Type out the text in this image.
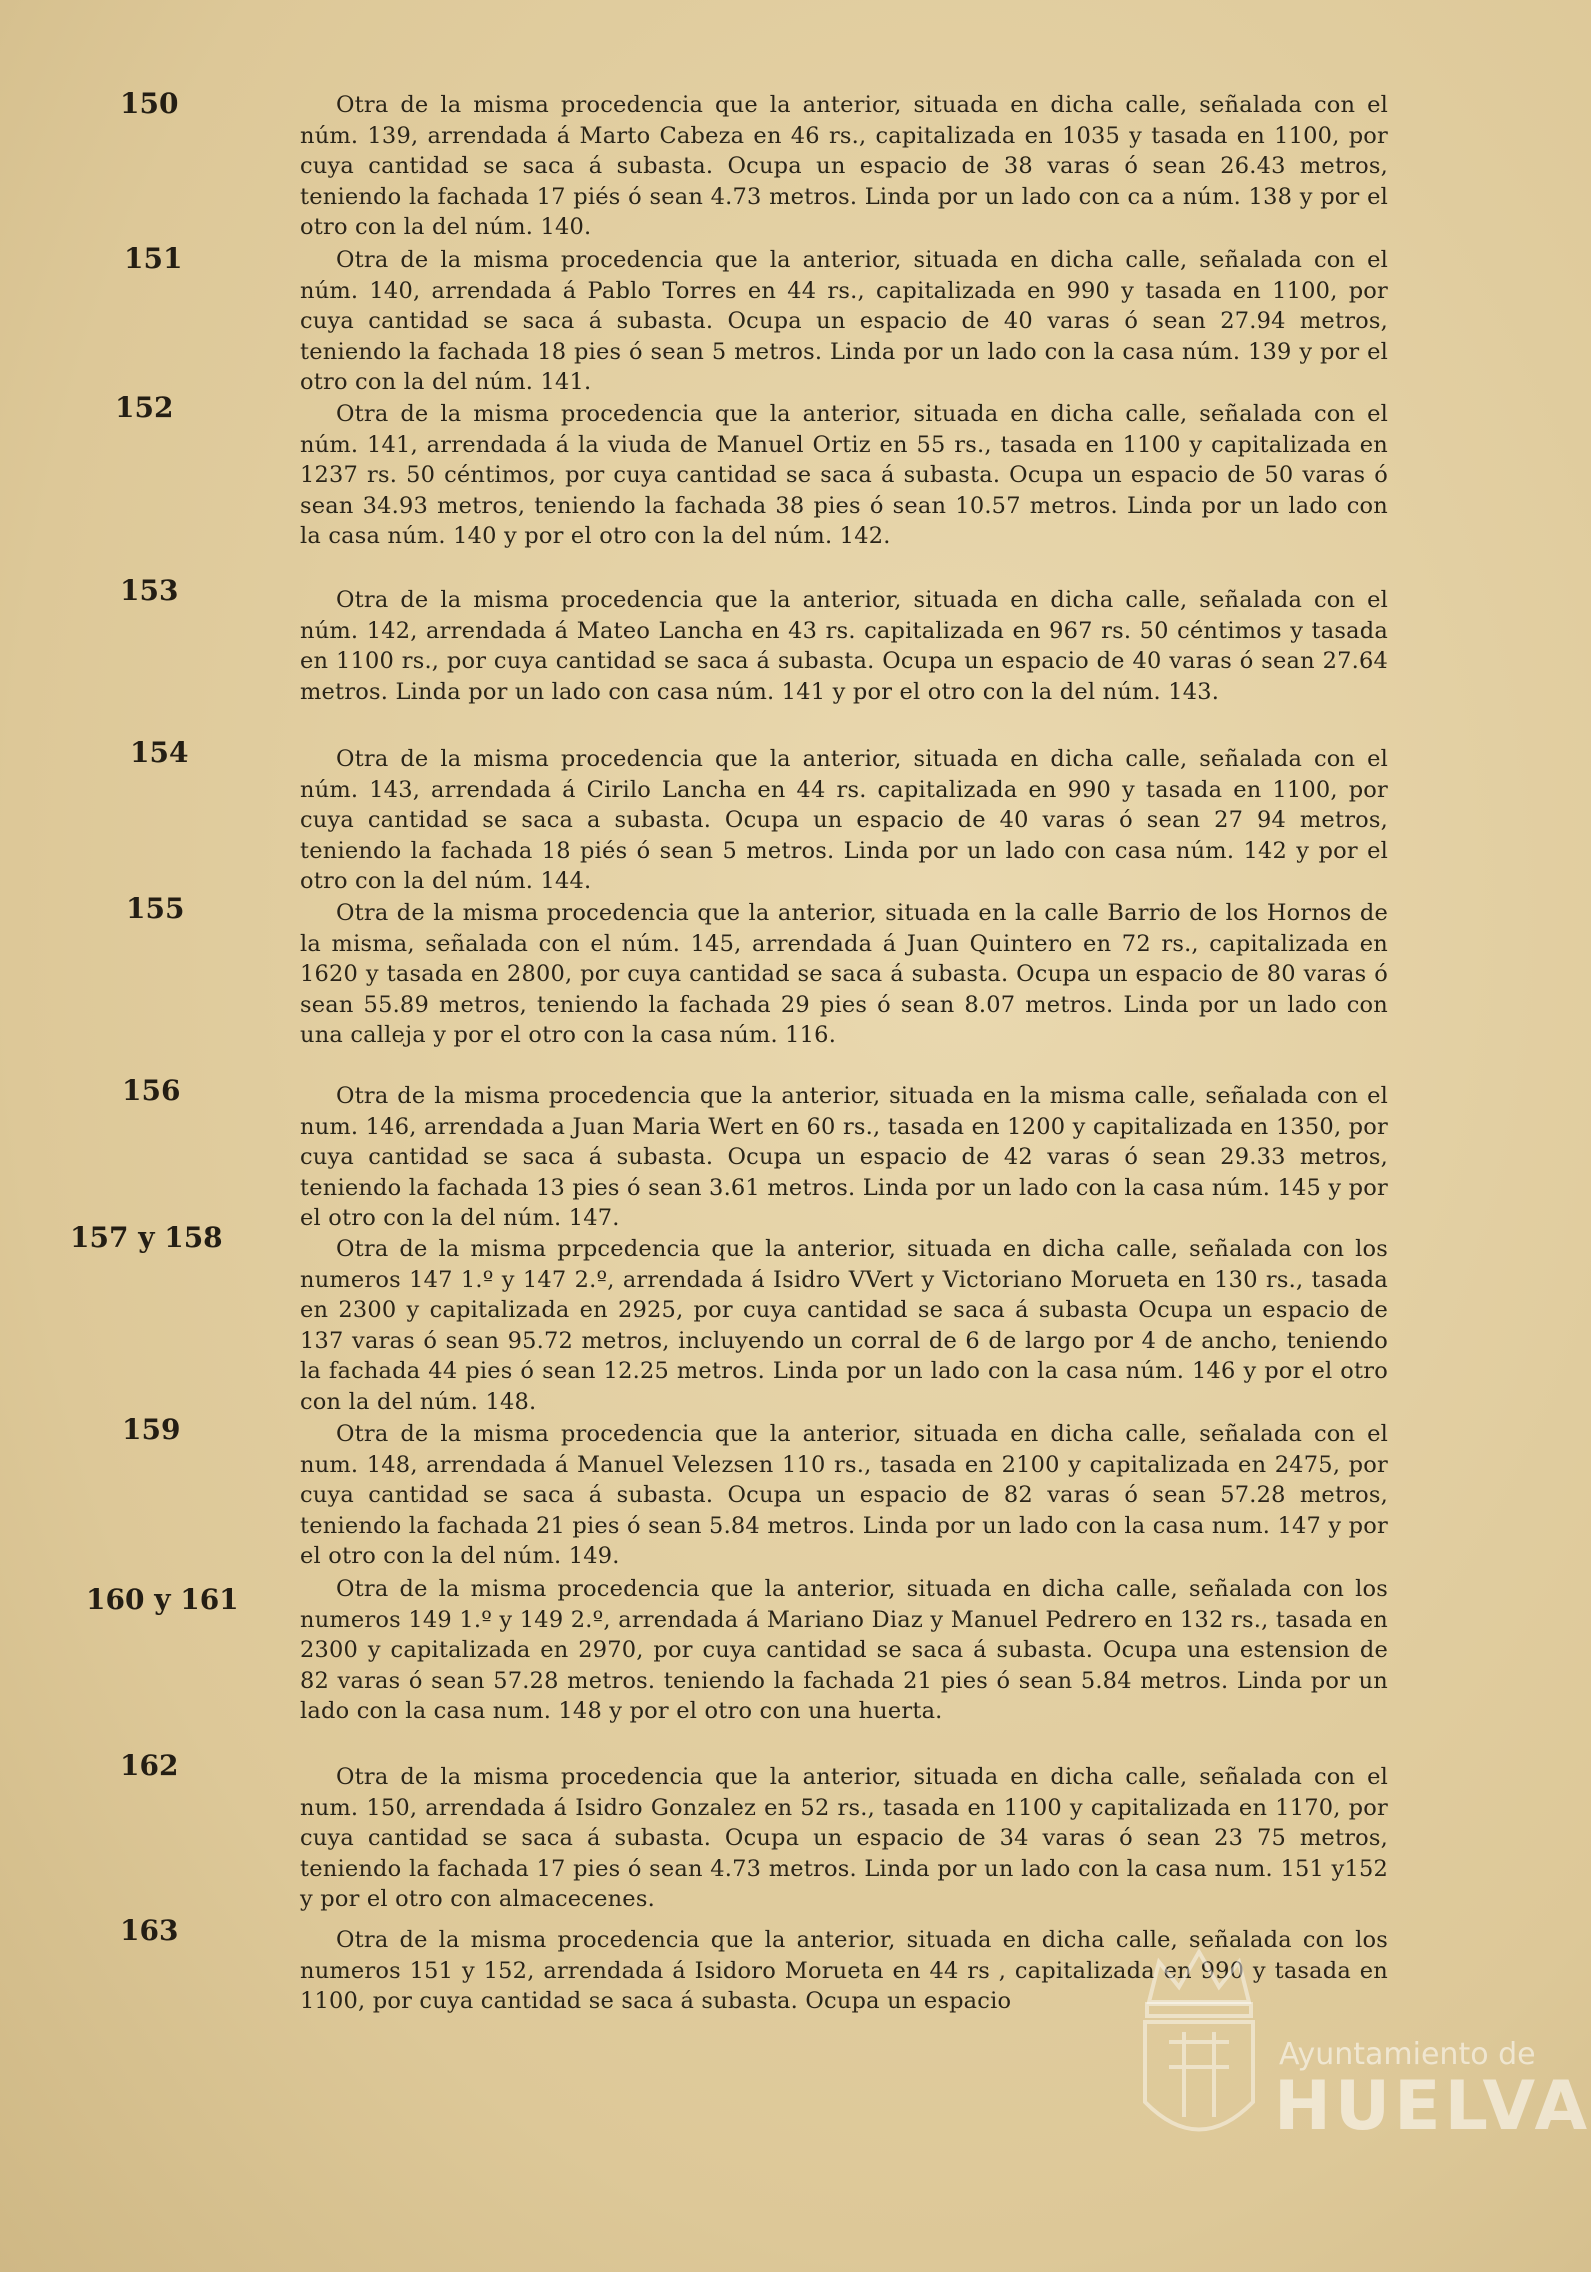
150	Otra de la misma procedencia que la anterior, situada en dicha calle, señalada con el núm. 139, arrendada á Marto Cabeza en 46 rs., capitalizada en 1035 y tasada en 1100, por cuya cantidad se saca á subasta. Ocupa un espacio de 38 varas ó sean 26.43 metros, teniendo la fachada 17 piés ó sean 4.73 metros. Linda por un lado con ca a núm. 138 y por el otro con la del núm. 140.
151	Otra de la misma procedencia que la anterior, situada en dicha calle, señalada con el núm. 140, arrendada á Pablo Torres en 44 rs., capitalizada en 990 y tasada en 1100, por cuya cantidad se saca á subasta. Ocupa un espacio de 40 varas ó sean 27.94 metros, teniendo la fachada 18 pies ó sean 5 metros. Linda por un lado con la casa núm. 139 y por el otro con la del núm. 141.
152	Otra de la misma procedencia que la anterior, situada en dicha calle, señalada con el núm. 141, arrendada á la viuda de Manuel Ortiz en 55 rs., tasada en 1100 y capitalizada en 1237 rs. 50 céntimos, por cuya cantidad se saca á subasta. Ocupa un espacio de 50 varas ó sean 34.93 metros, teniendo la fachada 38 pies ó sean 10.57 metros. Linda por un lado con la casa núm. 140 y por el otro con la del núm. 142.
153	Otra de la misma procedencia que la anterior, situada en dicha calle, señalada con el núm. 142, arrendada á Mateo Lancha en 43 rs. capitalizada en 967 rs. 50 céntimos y tasada en 1100 rs., por cuya cantidad se saca á subasta. Ocupa un espacio de 40 varas ó sean 27.64 metros. Linda por un lado con casa núm. 141 y por el otro con la del núm. 143.
154	Otra de la misma procedencia que la anterior, situada en dicha calle, señalada con el núm. 143, arrendada á Cirilo Lancha en 44 rs. capitalizada en 990 y tasada en 1100, por cuya cantidad se saca a subasta. Ocupa un espacio de 40 varas ó sean 27 94 metros, teniendo la fachada 18 piés ó sean 5 metros. Linda por un lado con casa núm. 142 y por el otro con la del núm. 144.
155	Otra de la misma procedencia que la anterior, situada en la calle Barrio de los Hornos de la misma, señalada con el núm. 145, arrendada á Juan Quintero en 72 rs., capitalizada en 1620 y tasada en 2800, por cuya cantidad se saca á subasta. Ocupa un espacio de 80 varas ó sean 55.89 metros, teniendo la fachada 29 pies ó sean 8.07 metros. Linda por un lado con una calleja y por el otro con la casa núm. 116.
156	Otra de la misma procedencia que la anterior, situada en la misma calle, señalada con el num. 146, arrendada a Juan Maria Wert en 60 rs., tasada en 1200 y capitalizada en 1350, por cuya cantidad se saca á subasta. Ocupa un espacio de 42 varas ó sean 29.33 metros, teniendo la fachada 13 pies ó sean 3.61 metros. Linda por un lado con la casa núm. 145 y por el otro con la del núm. 147.
157 y 158	Otra de la misma prpcedencia que la anterior, situada en dicha calle, señalada con los numeros 147 1.º y 147 2.º, arrendada á Isidro VVert y Victoriano Morueta en 130 rs., tasada en 2300 y capitalizada en 2925, por cuya cantidad se saca á subasta Ocupa un espacio de 137 varas ó sean 95.72 metros, incluyendo un corral de 6 de largo por 4 de ancho, teniendo la fachada 44 pies ó sean 12.25 metros. Linda por un lado con la casa núm. 146 y por el otro con la del núm. 148.
159	Otra de la misma procedencia que la anterior, situada en dicha calle, señalada con el num. 148, arrendada á Manuel Velezsen 110 rs., tasada en 2100 y capitalizada en 2475, por cuya cantidad se saca á subasta. Ocupa un espacio de 82 varas ó sean 57.28 metros, teniendo la fachada 21 pies ó sean 5.84 metros. Linda por un lado con la casa num. 147 y por el otro con la del núm. 149.
160 y 161	Otra de la misma procedencia que la anterior, situada en dicha calle, señalada con los numeros 149 1.º y 149 2.º, arrendada á Mariano Diaz y Manuel Pedrero en 132 rs., tasada en 2300 y capitalizada en 2970, por cuya cantidad se saca á subasta. Ocupa una estension de 82 varas ó sean 57.28 metros. teniendo la fachada 21 pies ó sean 5.84 metros. Linda por un lado con la casa num. 148 y por el otro con una huerta.
162	Otra de la misma procedencia que la anterior, situada en dicha calle, señalada con el num. 150, arrendada á Isidro Gonzalez en 52 rs., tasada en 1100 y capitalizada en 1170, por cuya cantidad se saca á subasta. Ocupa un espacio de 34 varas ó sean 23 75 metros, teniendo la fachada 17 pies ó sean 4.73 metros. Linda por un lado con la casa num. 151 y152 y por el otro con almacecenes.
163	Otra de la misma procedencia que la anterior, situada en dicha calle, señalada con los numeros 151 y 152, arrendada á Isidoro Morueta en 44 rs , capitalizada en 990 y tasada en 1100, por cuya cantidad se saca á subasta. Ocupa un espacio
Ayuntamiento de
HUELVA
